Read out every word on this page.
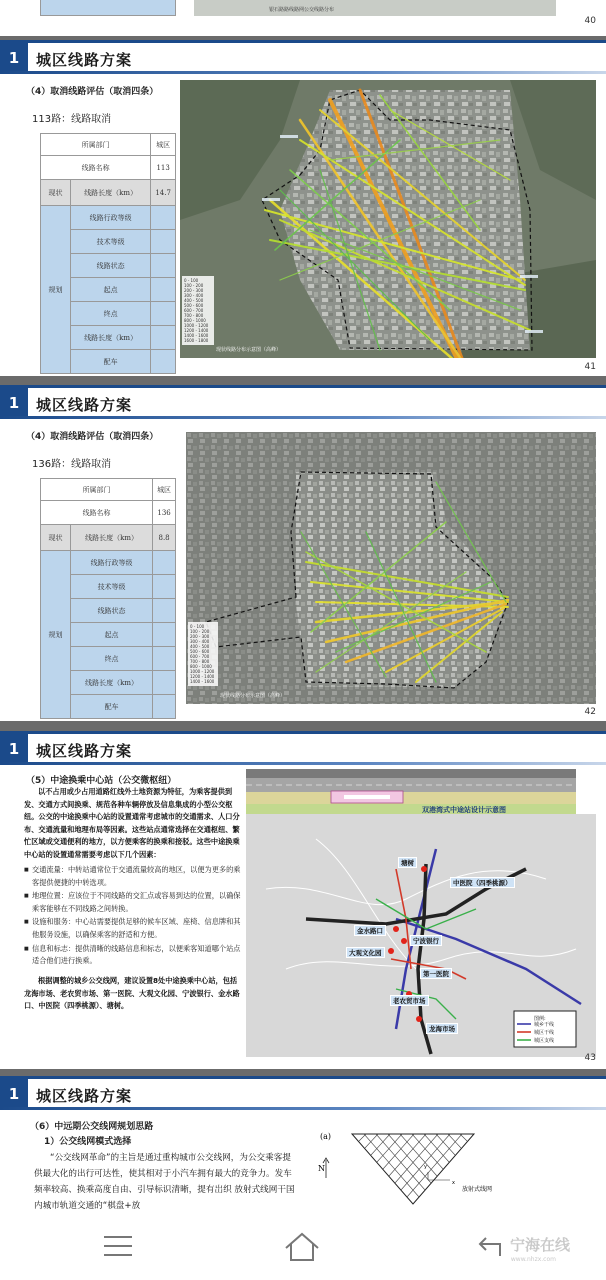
银石路路线路网公交线路分布
40
1	城区线路方案
（4）取消线路评估（取消四条）
113路：线路取消
所属部门		城区
线路名称		113
现状	线路长度（km）	14.7
规划	线路行政等级	
	技术等级	
	线路状态	
	起点	
	终点	
	线路长度（km）	
	配车	
0 - 100
100 - 200
200 - 300
300 - 400
400 - 500
500 - 600
600 - 700
700 - 800
800 - 1000
1000 - 1200
1200 - 1400
1400 - 1600
1600 - 1800
现状线路分布示意图（高峰）
41
1	城区线路方案
（4）取消线路评估（取消四条）
136路：线路取消
所属部门		城区
线路名称		136
现状	线路长度（km）	8.8
规划	线路行政等级	
	技术等级	
	线路状态	
	起点	
	终点	
	线路长度（km）	
	配车	
0 - 100
100 - 200
200 - 300
300 - 400
400 - 500
500 - 600
600 - 700
700 - 800
800 - 1000
1000 - 1200
1200 - 1400
1400 - 1600
现状线路分布示意图（高峰）
42
1	城区线路方案
（5）中途换乘中心站（公交微枢纽）

以不占用或少占用道路红线外土地资源为特征，为乘客提供到发、交通方式间换乘、规范各种车辆停放及信息集成的小型公交枢纽。公交的中途换乘中心站的设置通常考虑城市的交通需求、人口分布、交通流量和地理布局等因素。这些站点通常选择在交通枢纽、繁忙区域或交通便利的地方，以方便乘客的换乘和接驳。这些中途换乘中心站的设置通常需要考虑以下几个因素：

■ 交通流量：中转站通常位于交通流量较高的地区，以便为更多的乘客提供便捷的中转选项。
■ 地理位置：应该位于不同线路的交汇点或容易到达的位置，以确保乘客能够在不同线路之间转换。
■ 设施和服务：中心站需要提供足够的候车区域、座椅、信息牌和其他服务设施，以确保乘客的舒适和方便。
■ 信息和标志：提供清晰的线路信息和标志，以便乘客知道哪个站点适合他们进行换乘。

根据调整的城乡公交线网，建议设置8处中途换乘中心站，包括龙海市场、老农贸市场、第一医院、大观文化园、宁波银行、金水路口、中医院（四季桃源）、塘树。

图例:
城乡干线
城区干线
城区支线
双港湾式中途站设计示意图
塘树
中医院（四季桃源）
金水路口
宁波银行
大观文化园
第一医院
老农贸市场
龙海市场
43
1	城区线路方案
（6）中远期公交线网规划思路
1）公交线网模式选择
“公交线网革命”的主旨是通过重构城市公交线网，为公交乘客提供最大化的出行可达性，使其相对于小汽车拥有最大的竞争力。发车频率较高、换乘高度自由、引导标识清晰，提有岀织 放射式线网干国内城市轨道交通的“棋盘+放
(a)
N
x
y
放射式线网
宁海在线
www.nhzx.com
